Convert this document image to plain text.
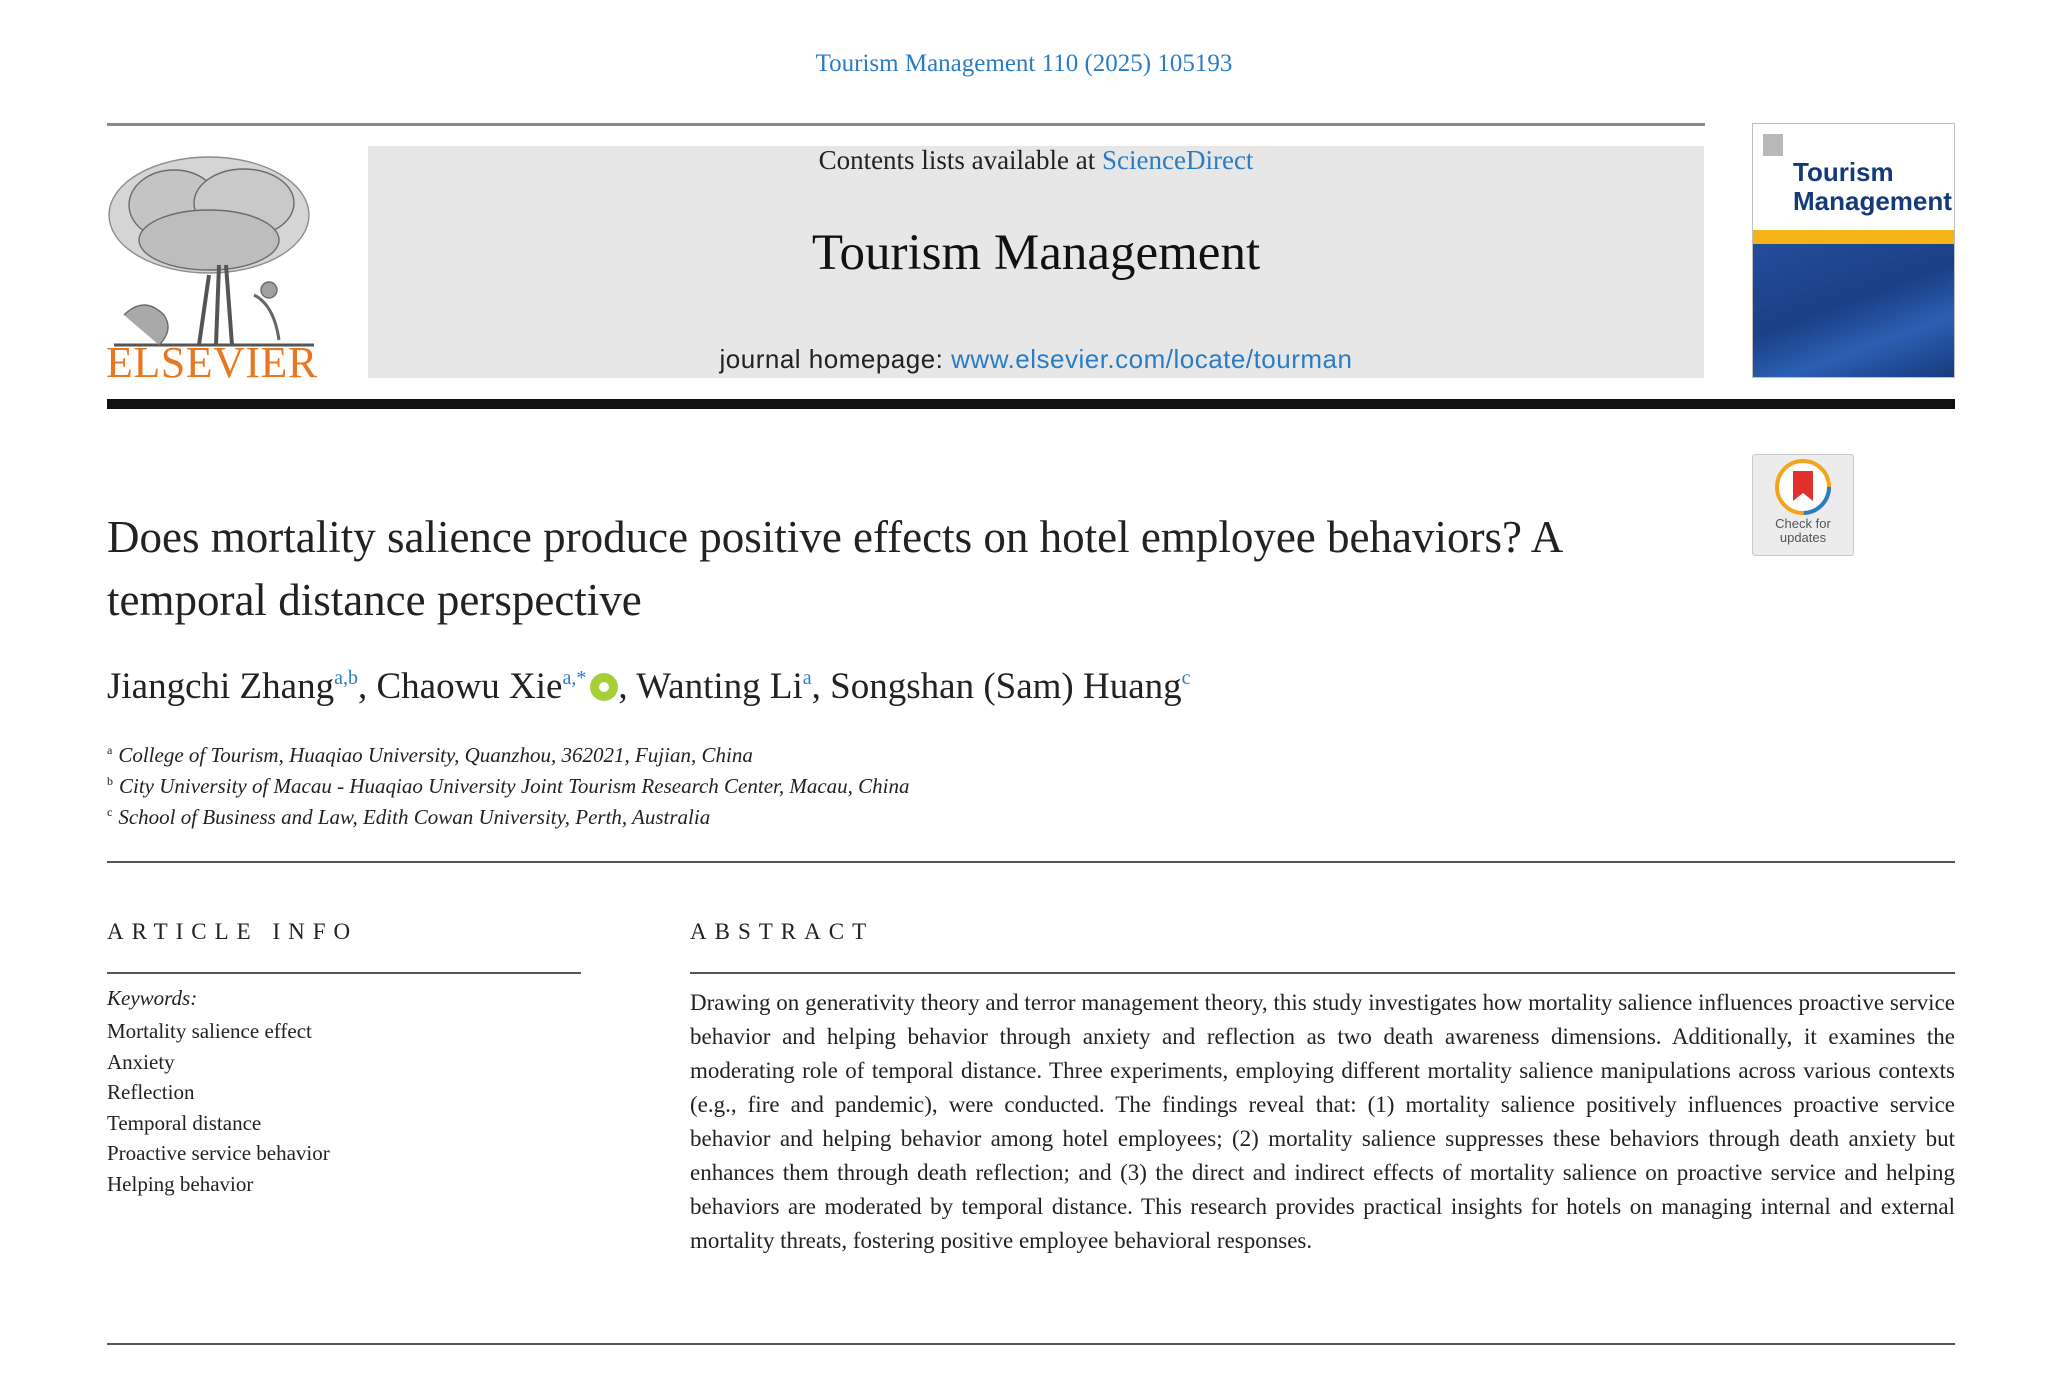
Tourism Management 110 (2025) 105193
ELSEVIER
Contents lists available at ScienceDirect
Tourism Management
journal homepage: www.elsevier.com/locate/tourman
Tourism Management
Check for updates
Does mortality salience produce positive effects on hotel employee behaviors? A temporal distance perspective
Jiangchi Zhang$^{a,b}$, Chaowu Xie$^{a,*}$ , Wanting Li$^a$, Songshan (Sam) Huang$^c$
$^a$ College of Tourism, Huaqiao University, Quanzhou, 362021, Fujian, China
$^b$ City University of Macau - Huaqiao University Joint Tourism Research Center, Macau, China
$^c$ School of Business and Law, Edith Cowan University, Perth, Australia
ARTICLE INFO
Keywords:
Mortality salience effect
Anxiety
Reflection
Temporal distance
Proactive service behavior
Helping behavior
ABSTRACT
Drawing on generativity theory and terror management theory, this study investigates how mortality salience influences proactive service behavior and helping behavior through anxiety and reflection as two death awareness dimensions. Additionally, it examines the moderating role of temporal distance. Three experiments, employing different mortality salience manipulations across various contexts (e.g., fire and pandemic), were conducted. The findings reveal that: (1) mortality salience positively influences proactive service behavior and helping behavior among hotel employees; (2) mortality salience suppresses these behaviors through death anxiety but enhances them through death reflection; and (3) the direct and indirect effects of mortality salience on proactive service and helping behaviors are moderated by temporal distance. This research provides practical insights for hotels on managing internal and external mortality threats, fostering positive employee behavioral responses.
